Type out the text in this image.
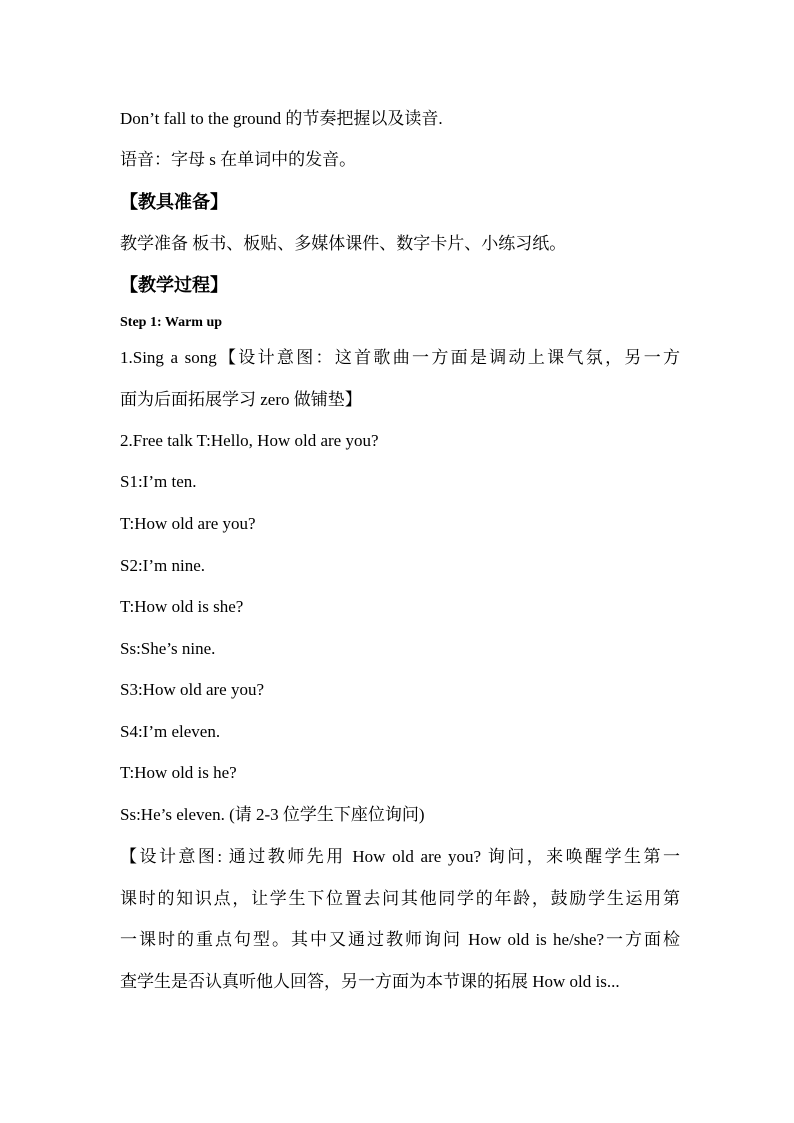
Don’t fall to the ground 的节奏把握以及读音.
语音：字母 s 在单词中的发音。
【教具准备】
教学准备 板书、板贴、多媒体课件、数字卡片、小练习纸。
【教学过程】
Step 1: Warm up
1.Sing a song【设计意图：这首歌曲一方面是调动上课气氛，另一方
面为后面拓展学习 zero 做铺垫】
2.Free talk T:Hello, How old are you?
S1:I’m ten.
T:How old are you?
S2:I’m nine.
T:How old is she?
Ss:She’s nine.
S3:How old are you?
S4:I’m eleven.
T:How old is he?
Ss:He’s eleven. (请 2-3 位学生下座位询问)
【设计意图: 通过教师先用 How old are you? 询问，来唤醒学生第一
课时的知识点，让学生下位置去问其他同学的年龄，鼓励学生运用第
一课时的重点句型。其中又通过教师询问 How old is he/she?一方面检
查学生是否认真听他人回答，另一方面为本节课的拓展 How old is...
